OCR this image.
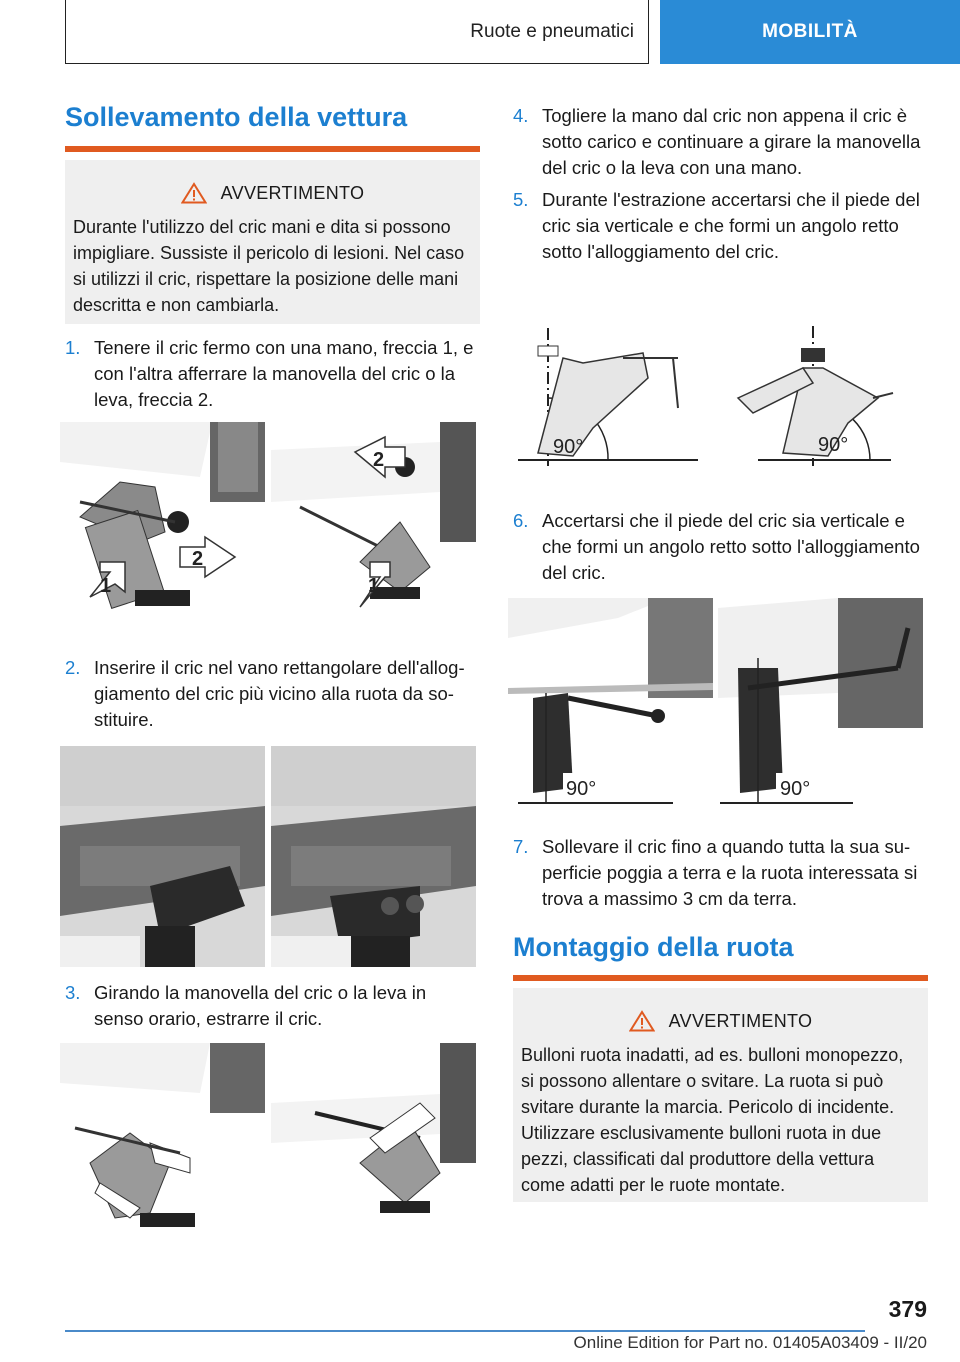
Ruote e pneumatici	MOBILITÀ
Sollevamento della vettura
AVVERTIMENTO
Durante l'utilizzo del cric mani e dita si possono impigliare. Sussiste il pericolo di lesioni. Nel caso si utilizzi il cric, rispettare la posizione delle mani descritta e non cambiarla.
1. Tenere il cric fermo con una mano, freccia 1, e con l'altra afferrare la manovella del cric o la leva, freccia 2.
1
2
2
1
2. Inserire il cric nel vano rettangolare dell'alloggiamento del cric più vicino alla ruota da sostituire.
3. Girando la manovella del cric o la leva in senso orario, estrarre il cric.
4. Togliere la mano dal cric non appena il cric è sotto carico e continuare a girare la manovella del cric o la leva con una mano.
5. Durante l'estrazione accertarsi che il piede del cric sia verticale e che formi un angolo retto sotto l'alloggiamento del cric.
90°	90°
6. Accertarsi che il piede del cric sia verticale e che formi un angolo retto sotto l'alloggiamento del cric.
90°	90°
7. Sollevare il cric fino a quando tutta la sua superficie poggia a terra e la ruota interessata si trova a massimo 3 cm da terra.
Montaggio della ruota
AVVERTIMENTO
Bulloni ruota inadatti, ad es. bulloni monopezzo, si possono allentare o svitare. La ruota si può svitare durante la marcia. Pericolo di incidente. Utilizzare esclusivamente bulloni ruota in due pezzi, classificati dal produttore della vettura come adatti per le ruote montate.
379
Online Edition for Part no. 01405A03409 - II/20
